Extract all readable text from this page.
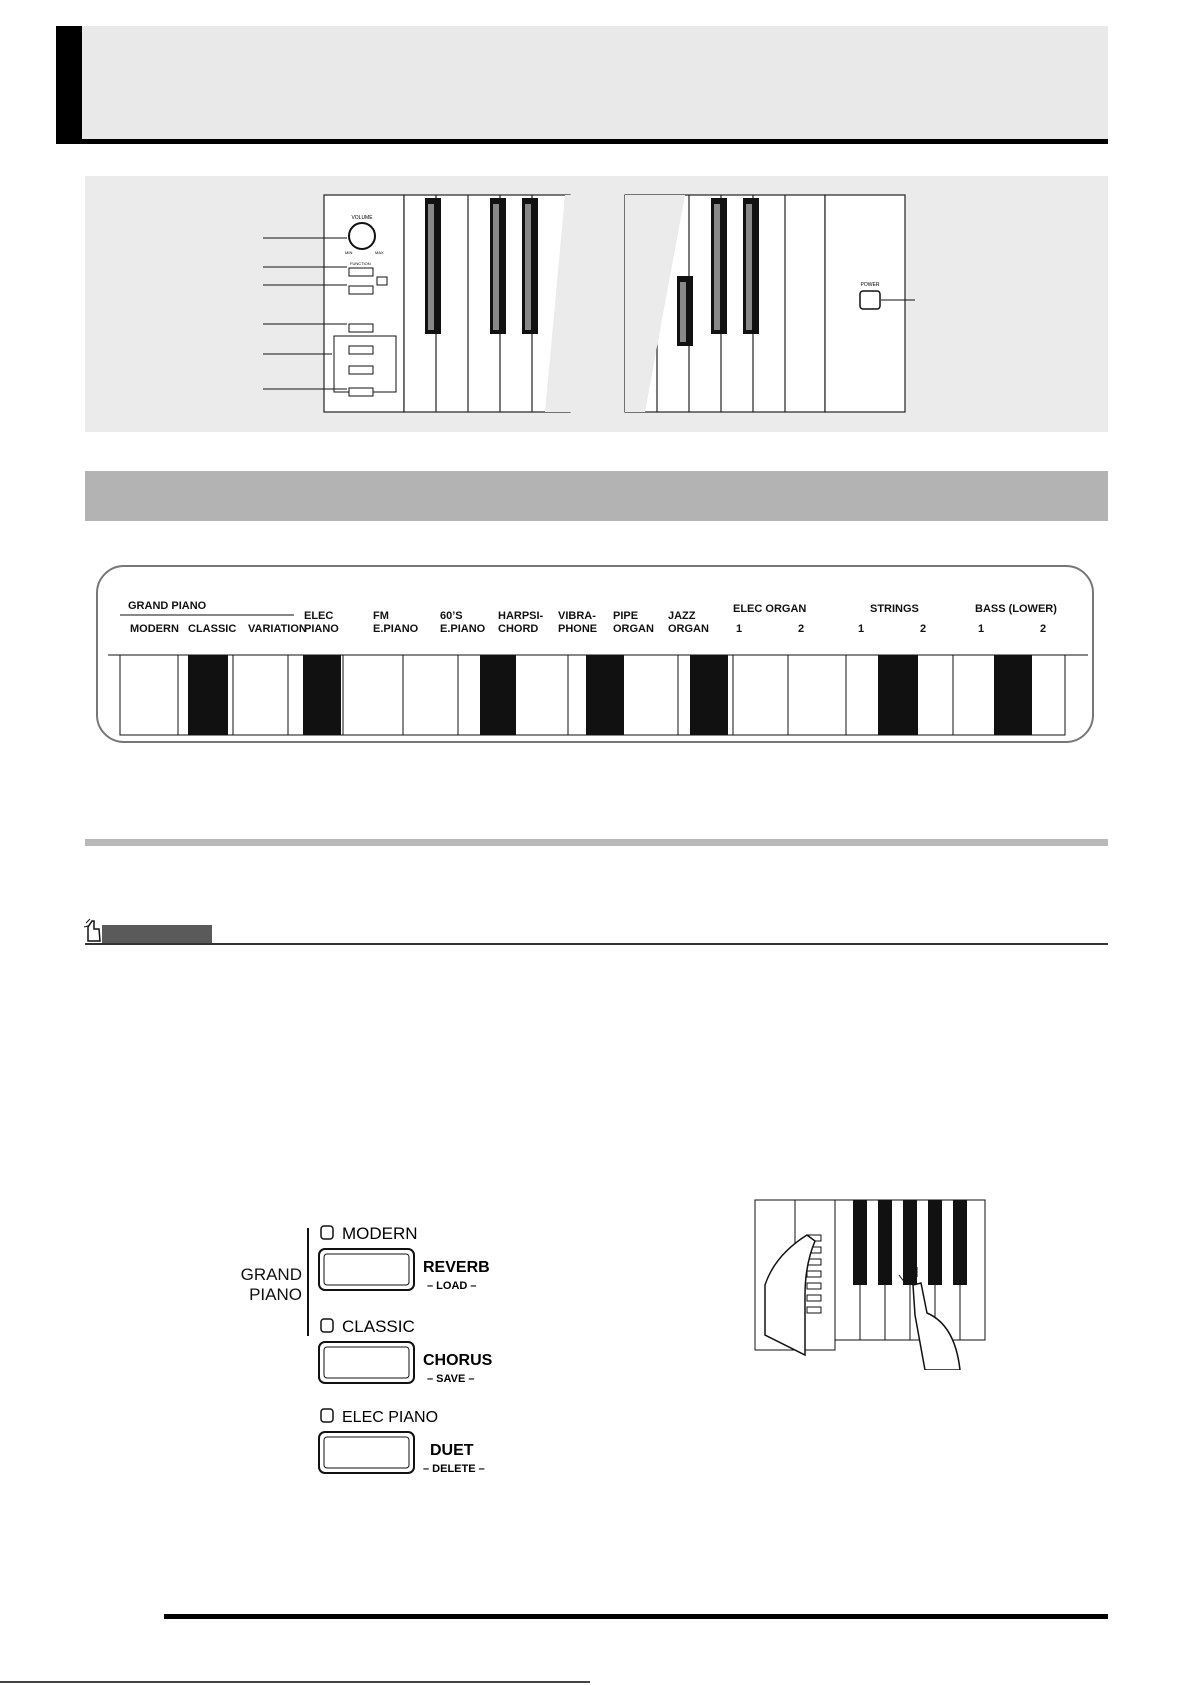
VOLUME
MIN	MAX
FUNCTION
POWER
GRAND PIANO
ELEC
PIANO
MODERN CLASSIC VARIATION
FM
E.PIANO
60’S
E.PIANO
HARPSI-
CHORD
VIBRA-
PHONE
PIPE
ORGAN
JAZZ
ORGAN
ELEC ORGAN
1	2
STRINGS
1	2
BASS (LOWER)
1	2
GRAND
PIANO
MODERN
REVERB
– LOAD –
CLASSIC
CHORUS
– SAVE –
ELEC PIANO
DUET
– DELETE –
